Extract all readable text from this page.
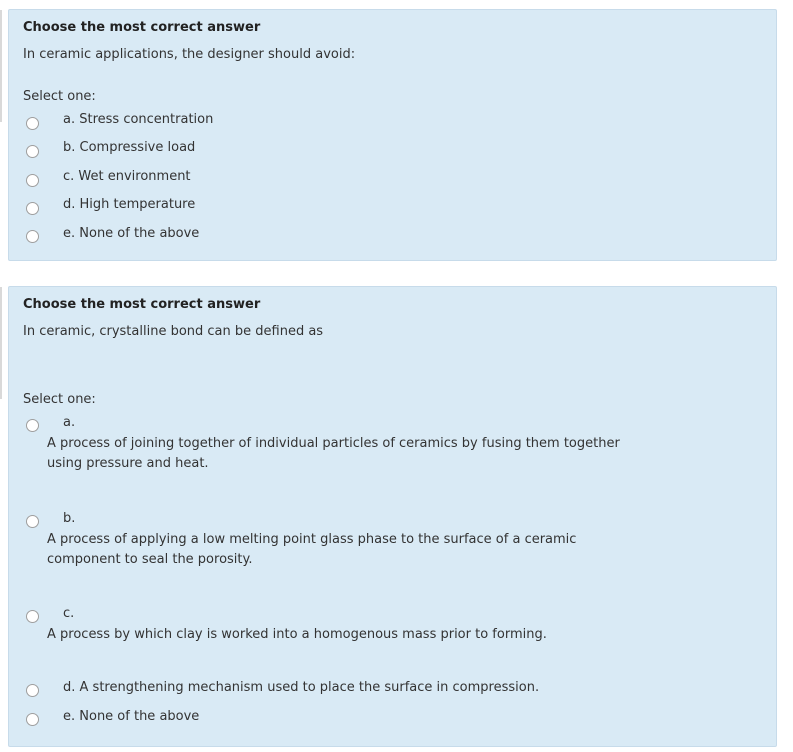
Choose the most correct answer
In ceramic applications, the designer should avoid:
Select one:
a. Stress concentration
b. Compressive load
c. Wet environment
d. High temperature
e. None of the above
Choose the most correct answer
In ceramic, crystalline bond can be defined as
Select one:
a.
A process of joining together of individual particles of ceramics by fusing them together using pressure and heat.
b.
A process of applying a low melting point glass phase to the surface of a ceramic component to seal the porosity.
c.
A process by which clay is worked into a homogenous mass prior to forming.
d. A strengthening mechanism used to place the surface in compression.
e. None of the above
